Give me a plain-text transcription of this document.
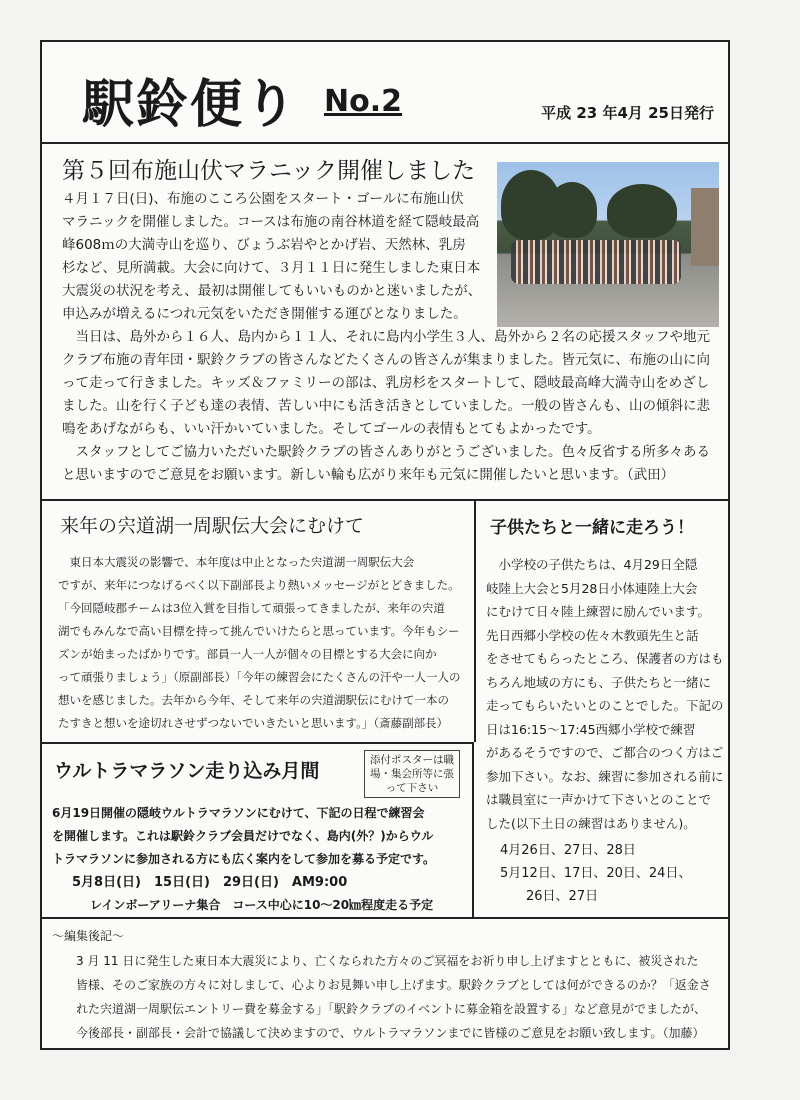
駅鈴便り No.2	平成 23 年4月 25日発行
第５回布施山伏マラニック開催しました

４月１７日(日)、布施のこころ公園をスタート・ゴールに布施山伏

マラニックを開催しました。コースは布施の南谷林道を経て隠岐最高

峰608ｍの大満寺山を巡り、びょうぶ岩やとかげ岩、天然林、乳房

杉など、見所満載。大会に向けて、３月１１日に発生しました東日本

大震災の状況を考え、最初は開催してもいいものかと迷いましたが、

申込みが増えるにつれ元気をいただき開催する運びとなりました。

　当日は、島外から１６人、島内から１１人、それに島内小学生３人、島外から２名の応援スタッフや地元

クラブ布施の青年団・駅鈴クラブの皆さんなどたくさんの皆さんが集まりました。皆元気に、布施の山に向

って走って行きました。キッズ＆ファミリーの部は、乳房杉をスタートして、隠岐最高峰大満寺山をめざし

ました。山を行く子ども達の表情、苦しい中にも活き活きとしていました。一般の皆さんも、山の傾斜に悲

鳴をあげながらも、いい汗かいていました。そしてゴールの表情もとてもよかったです。

　スタッフとしてご協力いただいた駅鈴クラブの皆さんありがとうございました。色々反省する所多々ある

と思いますのでご意見をお願います。新しい輪も広がり来年も元気に開催したいと思います。（武田）

来年の宍道湖一周駅伝大会にむけて
　東日本大震災の影響で、本年度は中止となった宍道湖一周駅伝大会
ですが、来年につなげるべく以下副部長より熱いメッセージがとどきました。
「今回隠岐郡チームは3位入賞を目指して頑張ってきましたが、来年の宍道
湖でもみんなで高い目標を持って挑んでいけたらと思っています。今年もシー
ズンが始まったばかりです。部員一人一人が個々の目標とする大会に向か
って頑張りましょう」（原副部長）「今年の練習会にたくさんの汗や一人一人の
想いを感じました。去年から今年、そして来年の宍道湖駅伝にむけて一本の
たすきと想いを途切れさせずつないでいきたいと思います。」（斎藤副部長）
ウルトラマラソン走り込み月間	添付ポスターは職場・集会所等に張って下さい
6月19日開催の隠岐ウルトラマラソンにむけて、下記の日程で練習会
を開催します。これは駅鈴クラブ会員だけでなく、島内(外？)からウル
トラマラソンに参加される方にも広く案内をして参加を募る予定です。
5月8日(日)　15日(日)　29日(日)　AM9:00
レインボーアリーナ集合　コース中心に10～20㎞程度走る予定
子供たちと一緒に走ろう！
　小学校の子供たちは、4月29日全隠
岐陸上大会と5月28日小体連陸上大会
にむけて日々陸上練習に励んでいます。
先日西郷小学校の佐々木教頭先生と話
をさせてもらったところ、保護者の方はも
ちろん地域の方にも、子供たちと一緒に
走ってもらいたいとのことでした。下記の
日は16:15～17:45西郷小学校で練習
があるそうですので、ご都合のつく方はご
参加下さい。なお、練習に参加される前に
は職員室に一声かけて下さいとのことで
した(以下土日の練習はありません)。
4月26日、27日、28日
5月12日、17日、20日、24日、
　　26日、27日
～編集後記～
3 月 11 日に発生した東日本大震災により、亡くなられた方々のご冥福をお祈り申し上げますとともに、被災された
皆様、そのご家族の方々に対しまして、心よりお見舞い申し上げます。駅鈴クラブとしては何ができるのか？「返金さ
れた宍道湖一周駅伝エントリー費を募金する」「駅鈴クラブのイベントに募金箱を設置する」など意見がでましたが、
今後部長・副部長・会計で協議して決めますので、ウルトラマラソンまでに皆様のご意見をお願い致します。（加藤）
